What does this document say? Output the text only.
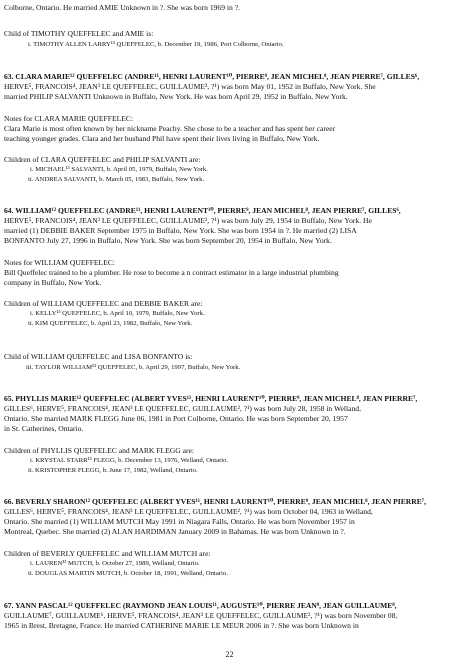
Colborne, Ontario. He married AMIE Unknown in ?. She was born 1969 in ?.
Child of TIMOTHY QUEFFELEC and AMIE is:
i. TIMOTHY ALLEN LARRY¹³ QUEFFELEC, b. December 19, 1986, Port Colborne, Ontario.
63. CLARA MARIE¹² QUEFFELEC (ANDRE¹¹, HENRI LAURENT¹⁰, PIERRE⁹, JEAN MICHEL⁸, JEAN PIERRE⁷, GILLES⁶,
HERVE⁵, FRANCOIS⁴, JEAN³ LE QUEFFELEC, GUILLAUME², ?¹) was born May 01, 1952 in Buffalo, New York. She
married PHILIP SALVANTI Unknown in Buffalo, New York. He was born April 29, 1952 in Buffalo, New York.
Notes for CLARA MARIE QUEFFELEC:
Clara Marie is most often known by her nickname Peachy. She chose to be a teacher and has spent her career
teaching younger grades. Clara and her husband Phil have spent their lives living in Buffalo, New York.
Children of CLARA QUEFFELEC and PHILIP SALVANTI are:
i. MICHAEL¹³ SALVANTI, b. April 05, 1979, Buffalo, New York.
ii. ANDREA SALVANTI, b. March 05, 1983, Buffalo, New York.
64. WILLIAM¹² QUEFFELEC (ANDRE¹¹, HENRI LAURENT¹⁰, PIERRE⁹, JEAN MICHEL⁸, JEAN PIERRE⁷, GILLES⁶,
HERVE⁵, FRANCOIS⁴, JEAN³ LE QUEFFELEC, GUILLAUME², ?¹) was born July 29, 1954 in Buffalo, New York. He
married (1) DEBBIE BAKER September 1975 in Buffalo, New York. She was born 1954 in ?. He married (2) LISA
BONFANTO July 27, 1996 in Buffalo, New York. She was born September 20, 1954 in Buffalo, New York.
Notes for WILLIAM QUEFFELEC:
Bill Queffelec trained to be a plumber. He rose to become a n contract estimator in a large industrial plumbing
company in Buffalo, New York.
Children of WILLIAM QUEFFELEC and DEBBIE BAKER are:
i. KELLY¹³ QUEFFELEC, b. April 10, 1979, Buffalo, New York.
ii. KIM QUEFFELEC, b. April 23, 1982, Buffalo, New York.
Child of WILLIAM QUEFFELEC and LISA BONFANTO is:
iii. TAYLOR WILLIAM¹³ QUEFFELEC, b. April 29, 1997, Buffalo, New York.
65. PHYLLIS MARIE¹² QUEFFELEC (ALBERT YVES¹¹, HENRI LAURENT¹⁰, PIERRE⁹, JEAN MICHEL⁸, JEAN PIERRE⁷,
GILLES⁶, HERVE⁵, FRANCOIS⁴, JEAN³ LE QUEFFELEC, GUILLAUME², ?¹) was born July 28, 1958 in Welland,
Ontario. She married MARK FLEGG June 06, 1981 in Port Colborne, Ontario. He was born September 20, 1957
in St. Catherines, Ontario.
Children of PHYLLIS QUEFFELEC and MARK FLEGG are:
i. KRYSTAL STARR¹³ FLEGG, b. December 13, 1976, Welland, Ontario.
ii. KRISTOPHER FLEGG, b. June 17, 1982, Welland, Ontario.
66. BEVERLY SHARON¹² QUEFFELEC (ALBERT YVES¹¹, HENRI LAURENT¹⁰, PIERRE⁹, JEAN MICHEL⁸, JEAN PIERRE⁷,
GILLES⁶, HERVE⁵, FRANCOIS⁴, JEAN³ LE QUEFFELEC, GUILLAUME², ?¹) was born October 04, 1963 in Welland,
Ontario. She married (1) WILLIAM MUTCH May 1991 in Niagara Falls, Ontario. He was born November 1957 in
Montreal, Quebec. She married (2) ALAN HARDIMAN January 2009 in Bahamas. He was born Unknown in ?.
Children of BEVERLY QUEFFELEC and WILLIAM MUTCH are:
i. LAUREN¹³ MUTCH, b. October 27, 1989, Welland, Ontario.
ii. DOUGLAS MARTIN MUTCH, b. October 18, 1991, Welland, Ontario.
67. YANN PASCAL¹² QUEFFELEC (RAYMOND JEAN LOUIS¹¹, AUGUSTE¹⁰, PIERRE JEAN⁹, JEAN GUILLAUME⁸,
GUILLAUME⁷, GUILLAUME⁶, HERVE⁵, FRANCOIS⁴, JEAN³ LE QUEFFELEC, GUILLAUME², ?¹) was born November 08,
1965 in Brest, Bretagne, France. He married CATHERINE MARIE LE MEUR 2006 in ?. She was born Unknown in
22
